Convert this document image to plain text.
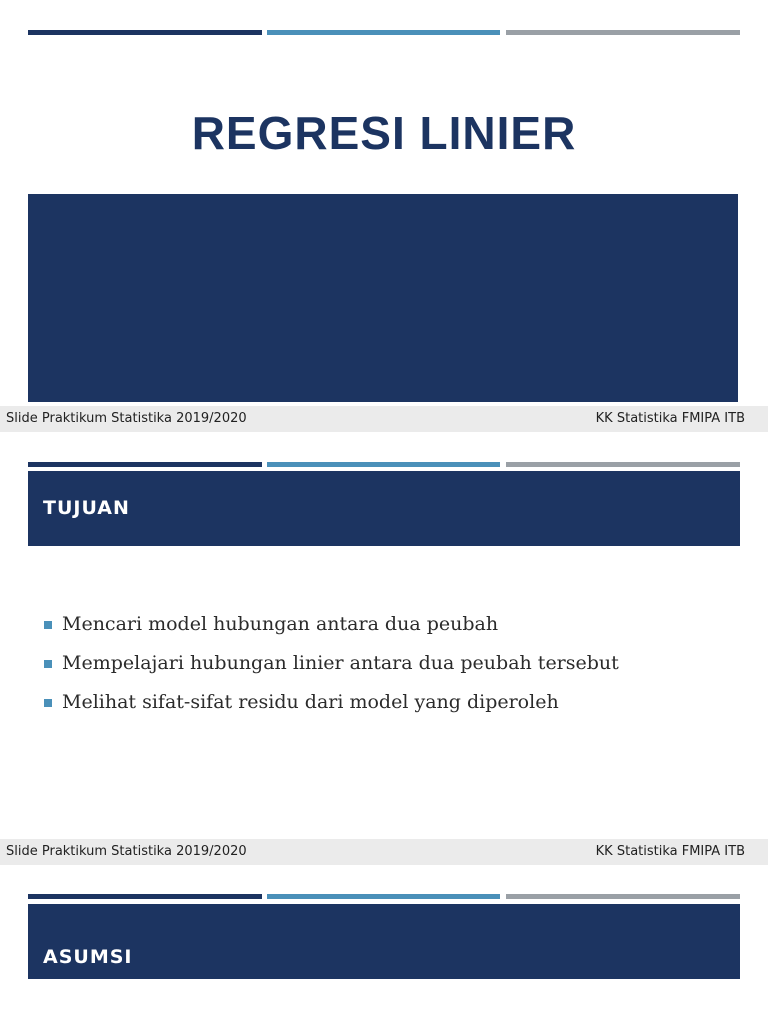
REGRESI LINIER
Slide Praktikum Statistika 2019/2020	KK Statistika FMIPA ITB
TUJUAN
Mencari model hubungan antara dua peubah
Mempelajari hubungan linier antara dua peubah tersebut
Melihat sifat-sifat residu dari model yang diperoleh
Slide Praktikum Statistika 2019/2020	KK Statistika FMIPA ITB
ASUMSI
